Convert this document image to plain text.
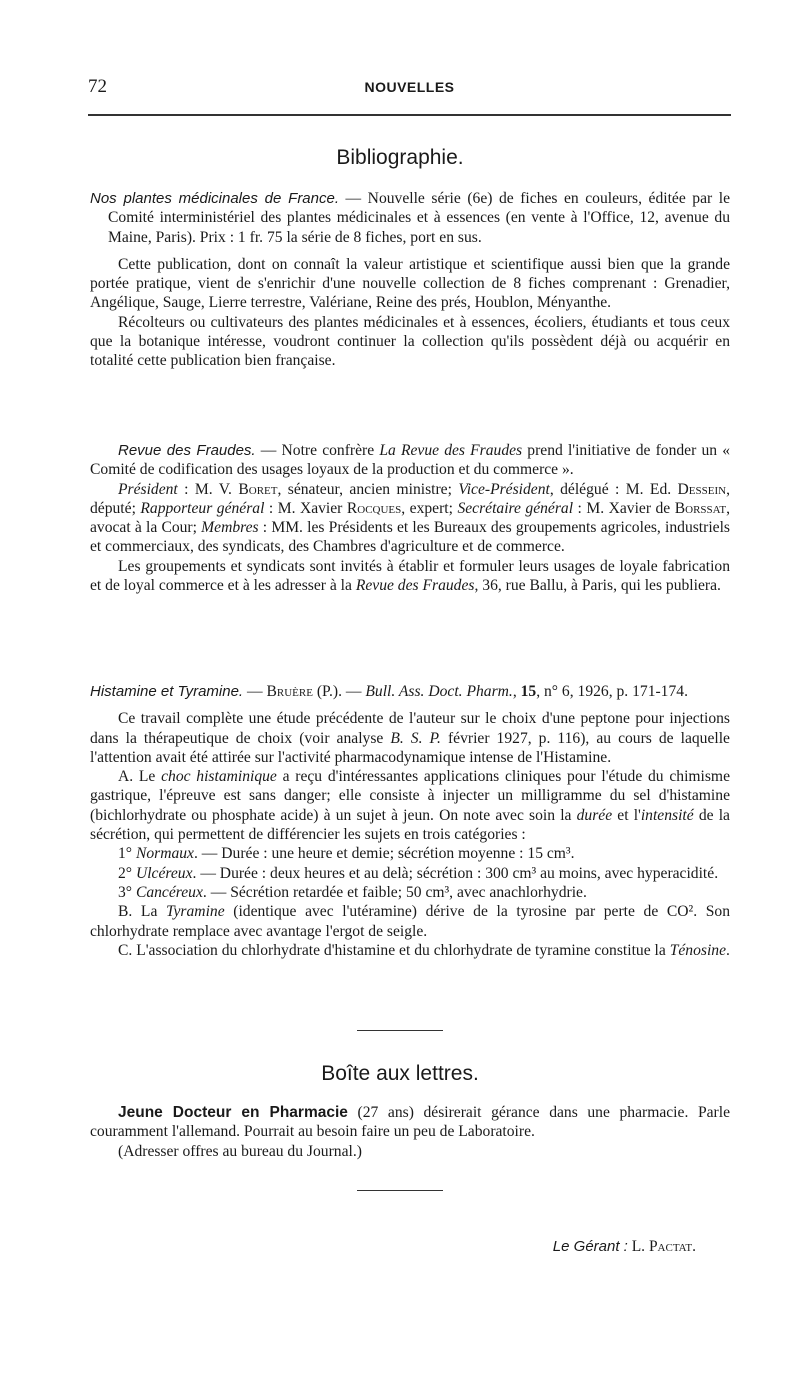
72	NOUVELLES
Bibliographie.

Nos plantes médicinales de France. — Nouvelle série (6e) de fiches en couleurs, éditée par le Comité interministériel des plantes médicinales et à essences (en vente à l'Office, 12, avenue du Maine, Paris). Prix : 1 fr. 75 la série de 8 fiches, port en sus.

Cette publication, dont on connaît la valeur artistique et scientifique aussi bien que la grande portée pratique, vient de s'enrichir d'une nouvelle collection de 8 fiches comprenant : Grenadier, Angélique, Sauge, Lierre terrestre, Valériane, Reine des prés, Houblon, Ményanthe.

Récolteurs ou cultivateurs des plantes médicinales et à essences, écoliers, étudiants et tous ceux que la botanique intéresse, voudront continuer la collection qu'ils possèdent déjà ou acquérir en totalité cette publication bien française.

Revue des Fraudes. — Notre confrère La Revue des Fraudes prend l'initiative de fonder un « Comité de codification des usages loyaux de la production et du commerce ».

Président : M. V. Boret, sénateur, ancien ministre; Vice-Président, délégué : M. Ed. Dessein, député; Rapporteur général : M. Xavier Rocques, expert; Secrétaire général : M. Xavier de Borssat, avocat à la Cour; Membres : MM. les Présidents et les Bureaux des groupements agricoles, industriels et commerciaux, des syndicats, des Chambres d'agriculture et de commerce.

Les groupements et syndicats sont invités à établir et formuler leurs usages de loyale fabrication et de loyal commerce et à les adresser à la Revue des Fraudes, 36, rue Ballu, à Paris, qui les publiera.

Histamine et Tyramine. — Bruère (P.). — Bull. Ass. Doct. Pharm., 15, n° 6, 1926, p. 171-174.

Ce travail complète une étude précédente de l'auteur sur le choix d'une peptone pour injections dans la thérapeutique de choix (voir analyse B. S. P. février 1927, p. 116), au cours de laquelle l'attention avait été attirée sur l'activité pharmacodynamique intense de l'Histamine.

A. Le choc histaminique a reçu d'intéressantes applications cliniques pour l'étude du chimisme gastrique, l'épreuve est sans danger; elle consiste à injecter un milligramme du sel d'histamine (bichlorhydrate ou phosphate acide) à un sujet à jeun. On note avec soin la durée et l'intensité de la sécrétion, qui permettent de différencier les sujets en trois catégories :

1° Normaux. — Durée : une heure et demie; sécrétion moyenne : 15 cm³.

2° Ulcéreux. — Durée : deux heures et au delà; sécrétion : 300 cm³ au moins, avec hyperacidité.

3° Cancéreux. — Sécrétion retardée et faible; 50 cm³, avec anachlorhydrie.

B. La Tyramine (identique avec l'utéramine) dérive de la tyrosine par perte de CO². Son chlorhydrate remplace avec avantage l'ergot de seigle.

C. L'association du chlorhydrate d'histamine et du chlorhydrate de tyramine constitue la Ténosine.

Boîte aux lettres.

Jeune Docteur en Pharmacie (27 ans) désirerait gérance dans une pharmacie. Parle couramment l'allemand. Pourrait au besoin faire un peu de Laboratoire.

(Adresser offres au bureau du Journal.)

Le Gérant : L. Pactat.
